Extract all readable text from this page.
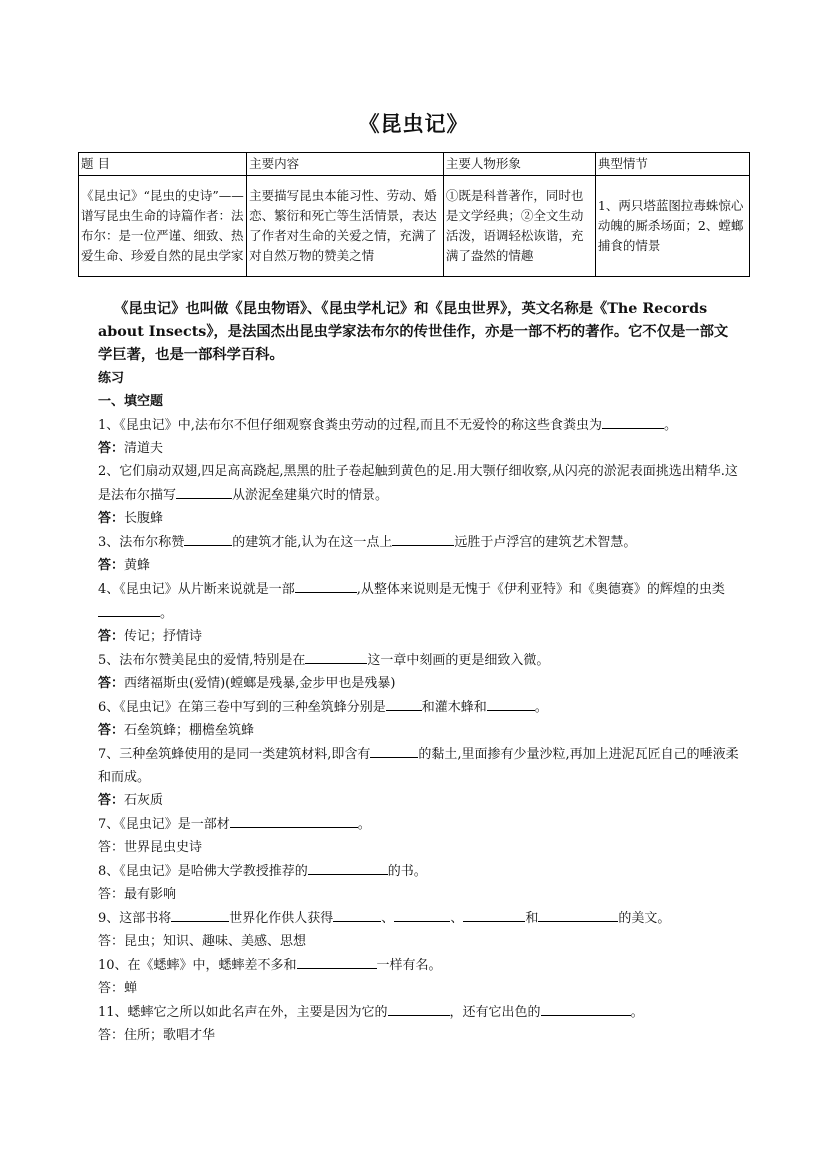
《昆虫记》
题 目	主要内容	主要人物形象	典型情节
《昆虫记》“昆虫的史诗”——谱写昆虫生命的诗篇作者：法布尔：是一位严谨、细致、热爱生命、珍爱自然的昆虫学家	主要描写昆虫本能习性、劳动、婚恋、繁衍和死亡等生活情景，表达了作者对生命的关爱之情，充满了对自然万物的赞美之情	①既是科普著作，同时也是文学经典；②全文生动活泼，语调轻松诙谐，充满了盎然的情趣	1、两只塔蓝图拉毒蛛惊心动魄的厮杀场面；2、螳螂捕食的情景
《昆虫记》也叫做《昆虫物语》、《昆虫学札记》和《昆虫世界》，英文名称是《The Records about Insects》，是法国杰出昆虫学家法布尔的传世佳作，亦是一部不朽的著作。它不仅是一部文学巨著，也是一部科学百科。

练习

一、填空题

1、《昆虫记》中,法布尔不但仔细观察食粪虫劳动的过程,而且不无爱怜的称这些食粪虫为	。

答：清道夫

2、它们扇动双翅,四足高高跷起,黑黑的肚子卷起触到黄色的足.用大颚仔细收察,从闪亮的淤泥表面挑选出精华.这是法布尔描写	从淤泥垒建巢穴时的情景。

答：长腹蜂

3、法布尔称赞	的建筑才能,认为在这一点上	远胜于卢浮宫的建筑艺术智慧。

答：黄蜂

4、《昆虫记》从片断来说就是一部	,从整体来说则是无愧于《伊利亚特》和《奥德赛》的辉煌的虫类。

答：传记；抒情诗

5、法布尔赞美昆虫的爱情,特别是在	这一章中刻画的更是细致入微。

答：西绪福斯虫(爱情)(螳螂是残暴,金步甲也是残暴)

6、《昆虫记》在第三卷中写到的三种垒筑蜂分别是	和灌木蜂和	。

答：石垒筑蜂；棚檐垒筑蜂

7、三种垒筑蜂使用的是同一类建筑材料,即含有	的黏土,里面掺有少量沙粒,再加上进泥瓦匠自己的唾液柔和而成。

答：石灰质

7、《昆虫记》是一部材	。

答：世界昆虫史诗

8、《昆虫记》是哈佛大学教授推荐的	的书。

答：最有影响

9、这部书将	世界化作供人获得	、	、	和	的美文。

答：昆虫；知识、趣味、美感、思想

10、在《蟋蟀》中，蟋蟀差不多和	一样有名。

答：蝉

11、蟋蟀它之所以如此名声在外，主要是因为它的	，还有它出色的	。

答：住所；歌唱才华
